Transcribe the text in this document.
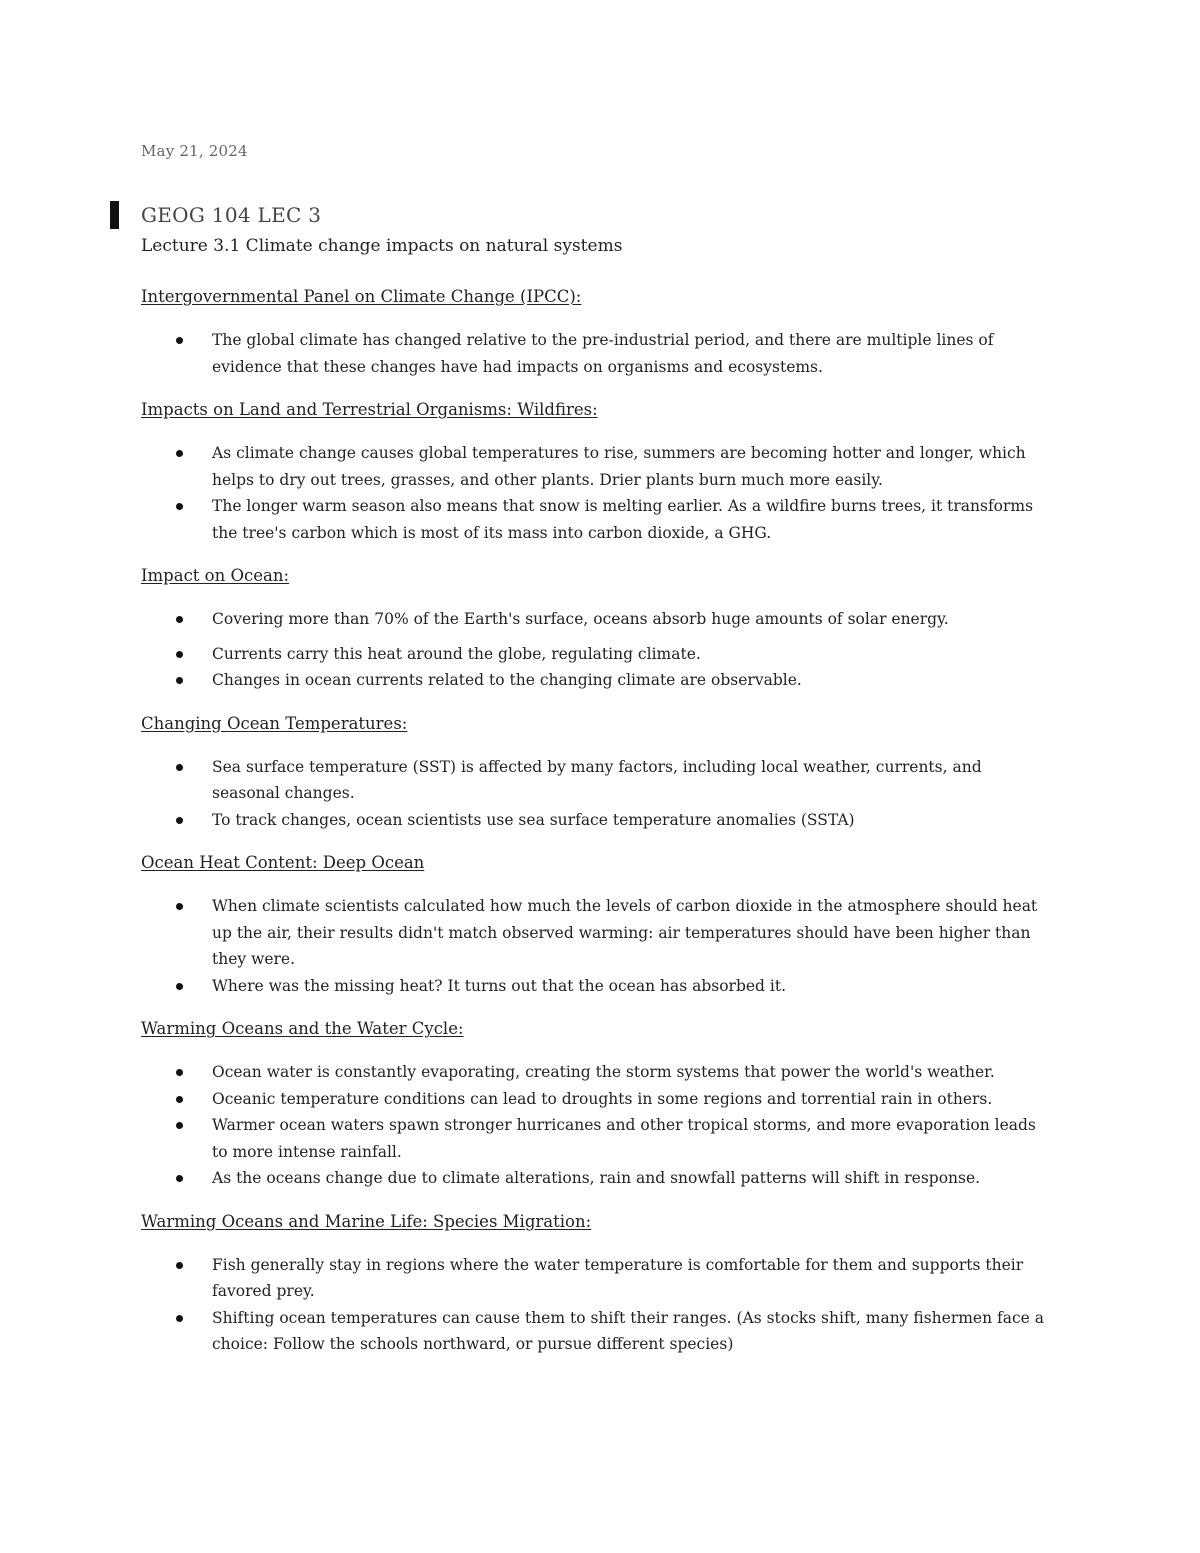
May 21, 2024
GEOG 104 LEC 3
Lecture 3.1 Climate change impacts on natural systems
Intergovernmental Panel on Climate Change (IPCC):
The global climate has changed relative to the pre-industrial period, and there are multiple lines of evidence that these changes have had impacts on organisms and ecosystems.
Impacts on Land and Terrestrial Organisms: Wildfires:
As climate change causes global temperatures to rise, summers are becoming hotter and longer, which helps to dry out trees, grasses, and other plants. Drier plants burn much more easily.
The longer warm season also means that snow is melting earlier. As a wildfire burns trees, it transforms the tree's carbon which is most of its mass into carbon dioxide, a GHG.
Impact on Ocean:
Covering more than 70% of the Earth's surface, oceans absorb huge amounts of solar energy.
Currents carry this heat around the globe, regulating climate.
Changes in ocean currents related to the changing climate are observable.
Changing Ocean Temperatures:
Sea surface temperature (SST) is affected by many factors, including local weather, currents, and seasonal changes.
To track changes, ocean scientists use sea surface temperature anomalies (SSTA)
Ocean Heat Content: Deep Ocean
When climate scientists calculated how much the levels of carbon dioxide in the atmosphere should heat up the air, their results didn't match observed warming: air temperatures should have been higher than they were.
Where was the missing heat? It turns out that the ocean has absorbed it.
Warming Oceans and the Water Cycle:
Ocean water is constantly evaporating, creating the storm systems that power the world's weather.
Oceanic temperature conditions can lead to droughts in some regions and torrential rain in others.
Warmer ocean waters spawn stronger hurricanes and other tropical storms, and more evaporation leads to more intense rainfall.
As the oceans change due to climate alterations, rain and snowfall patterns will shift in response.
Warming Oceans and Marine Life: Species Migration:
Fish generally stay in regions where the water temperature is comfortable for them and supports their favored prey.
Shifting ocean temperatures can cause them to shift their ranges. (As stocks shift, many fishermen face a choice: Follow the schools northward, or pursue different species)
